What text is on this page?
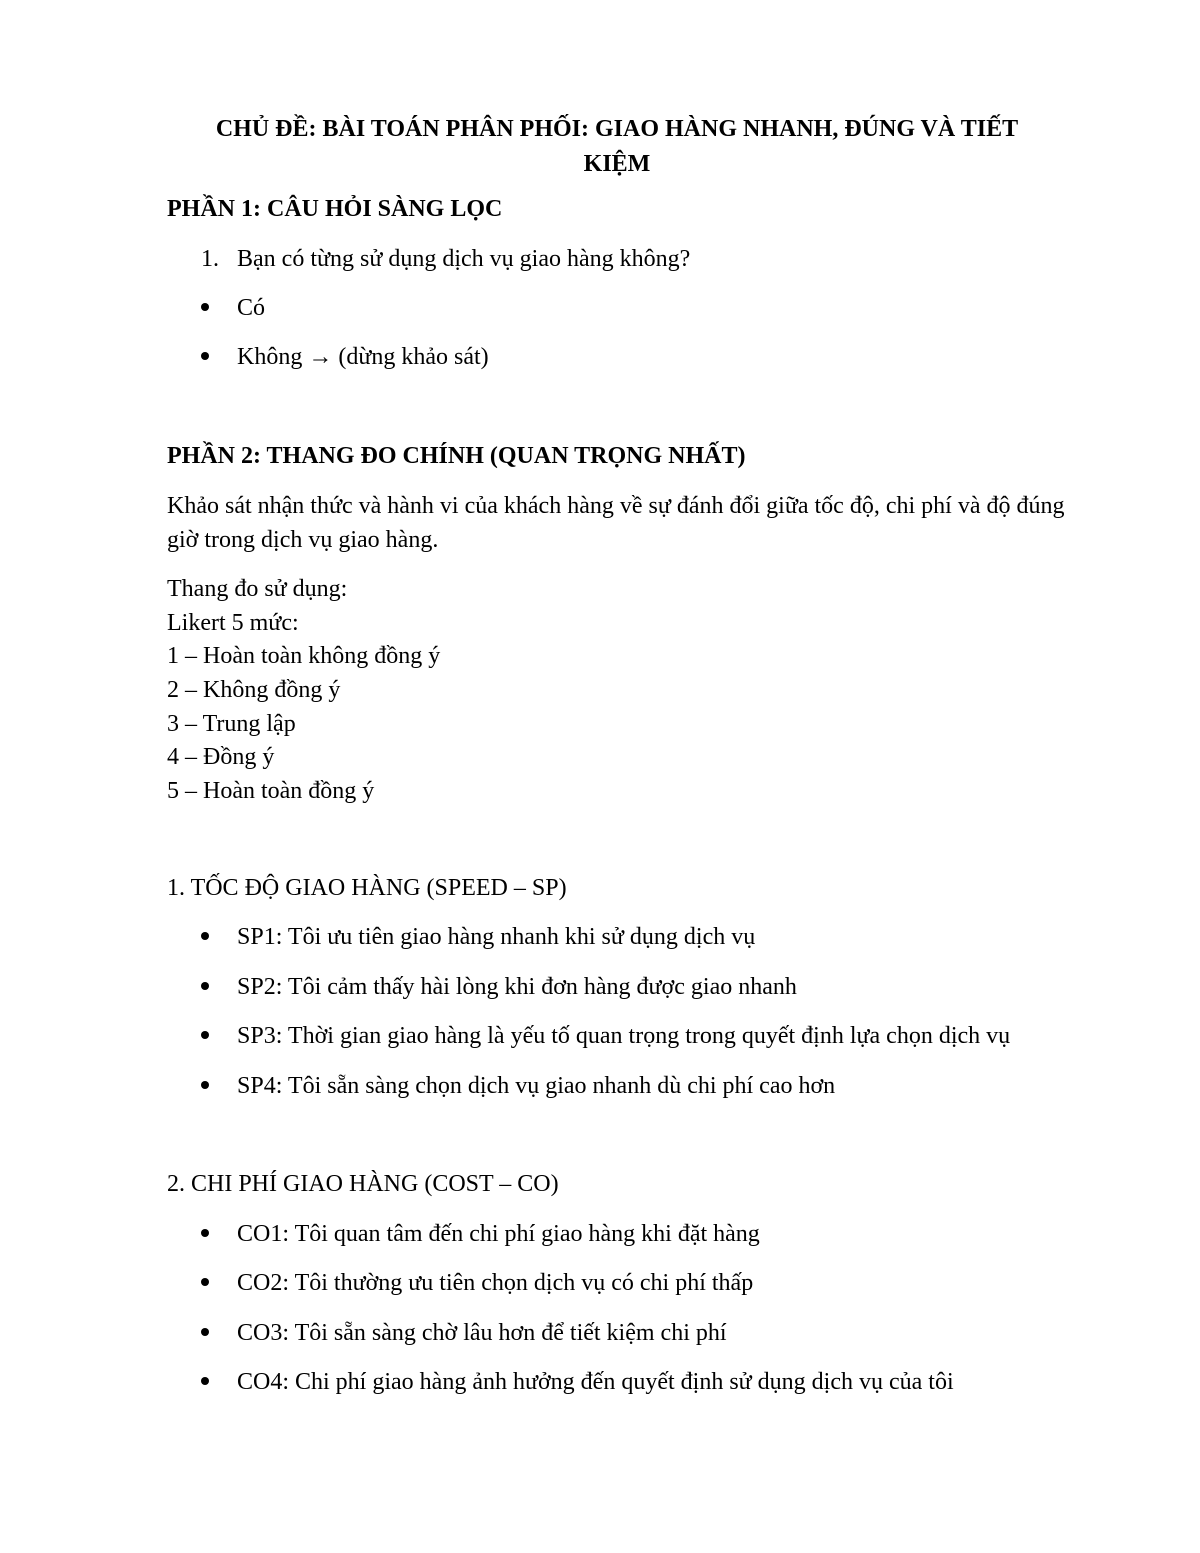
CHỦ ĐỀ: BÀI TOÁN PHÂN PHỐI: GIAO HÀNG NHANH, ĐÚNG VÀ TIẾT
KIỆM
PHẦN 1: CÂU HỎI SÀNG LỌC
1. Bạn có từng sử dụng dịch vụ giao hàng không?
Có
Không → (dừng khảo sát)
PHẦN 2: THANG ĐO CHÍNH (QUAN TRỌNG NHẤT)
Khảo sát nhận thức và hành vi của khách hàng về sự đánh đổi giữa tốc độ, chi phí và độ đúng giờ trong dịch vụ giao hàng.
Thang đo sử dụng:
Likert 5 mức:
1 – Hoàn toàn không đồng ý
2 – Không đồng ý
3 – Trung lập
4 – Đồng ý
5 – Hoàn toàn đồng ý
1. TỐC ĐỘ GIAO HÀNG (SPEED – SP)
SP1: Tôi ưu tiên giao hàng nhanh khi sử dụng dịch vụ
SP2: Tôi cảm thấy hài lòng khi đơn hàng được giao nhanh
SP3: Thời gian giao hàng là yếu tố quan trọng trong quyết định lựa chọn dịch vụ
SP4: Tôi sẵn sàng chọn dịch vụ giao nhanh dù chi phí cao hơn
2. CHI PHÍ GIAO HÀNG (COST – CO)
CO1: Tôi quan tâm đến chi phí giao hàng khi đặt hàng
CO2: Tôi thường ưu tiên chọn dịch vụ có chi phí thấp
CO3: Tôi sẵn sàng chờ lâu hơn để tiết kiệm chi phí
CO4: Chi phí giao hàng ảnh hưởng đến quyết định sử dụng dịch vụ của tôi
